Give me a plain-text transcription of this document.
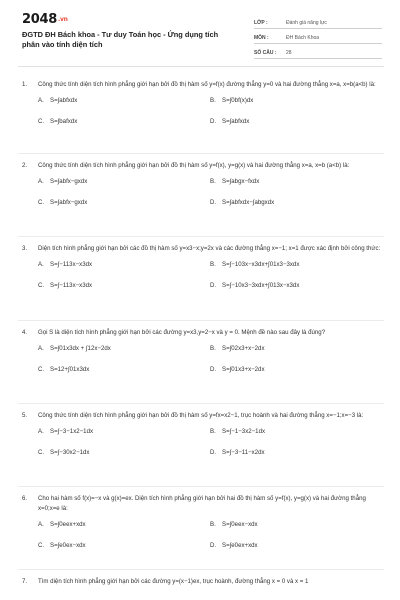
2048.vn
ĐGTD ĐH Bách khoa - Tư duy Toán học - Ứng dụng tích phân vào tính diện tích
LỚP :	Đánh giá năng lực
MÔN :	ĐH Bách Khoa
SỐ CÂU :	28
1.	Công thức tính diện tích hình phẳng giới hạn bởi đồ thị hàm số y=f(x) đường thẳng y=0 và hai đường thẳng x=a, x=b(a<b) là:
A.	S=∫abfxdx	B.	S=∫0bf(x)dx
C. S=∫bafxdx	D. S=∫abfxdx
2.	Công thức tính diện tích hình phẳng giới hạn bởi đồ thị hàm số y=f(x), y=g(x) và hai đường thẳng x=a, x=b (a<b) là:
A.	S=∫abfx−gxdx	B.	S=∫abgx−fxdx
C. S=∫abfx−gxdx	D. S=∫abfxdx−∫abgxdx
3.	Diện tích hình phẳng giới hạn bởi các đồ thị hàm số y=x3−x;y=2x và các đường thẳng x=−1; x=1 được xác định bởi công thức:
A.	S=∫−113x−x3dx	B.	S=∫−103x−x3dx+∫01x3−3xdx
C. S=∫−113x−x3dx	D. S=∫−10x3−3xdx+∫013x−x3dx
4.	Gọi S là diện tích hình phẳng giới hạn bởi các đường y=x3,y=2−x và y = 0. Mệnh đề nào sau đây là đúng?
A.	S=∫01x3dx + ∫12x−2dx	B.	S=∫02x3+x−2dx
C. S=12+∫01x3dx	D. S=∫01x3+x−2dx
5.	Công thức tính diện tích hình phẳng giới hạn bởi đồ thị hàm số y=fx=x2−1, trục hoành và hai đường thẳng x=−1;x=−3 là:
A.	S=∫−3−1x2−1dx	B.	S=∫−1−3x2−1dx
C. S=∫−30x2−1dx	D. S=∫−3−11−x2dx
6.	Cho hai hàm số f(x)=−x và g(x)=ex. Diện tích hình phẳng giới hạn bởi hai đồ thị hàm số y=f(x), y=g(x) và hai đường thẳng x=0;x=e là:
A.	S=∫0eex+xdx	B.	S=∫0eex−xdx
C. S=∫e0ex−xdx	D. S=∫e0ex+xdx
7.	Tìm diện tích hình phẳng giới hạn bởi các đường y=(x−1)ex, trục hoành, đường thẳng x = 0 và x = 1
